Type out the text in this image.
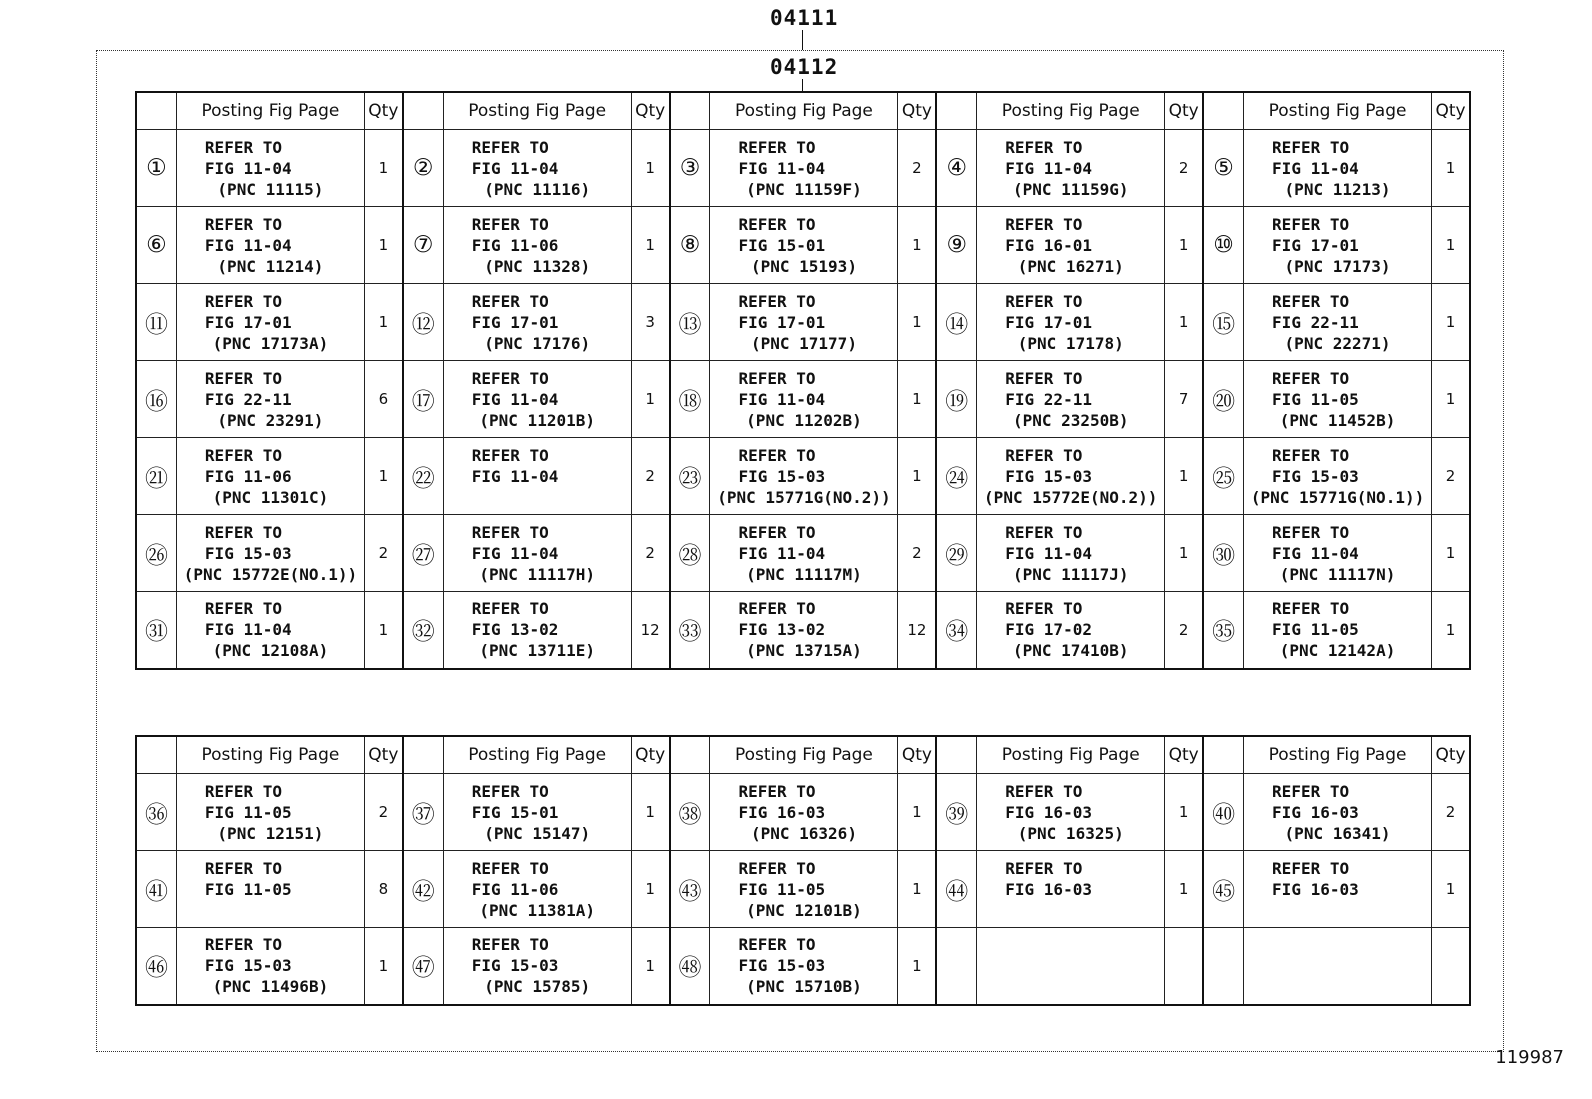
04111
04112
	Posting Fig Page	Qty		Posting Fig Page	Qty		Posting Fig Page	Qty		Posting Fig Page	Qty		Posting Fig Page	Qty
①	REFER TO
FIG 11-04
(PNC 11115)	1	②	REFER TO
FIG 11-04
(PNC 11116)	1	③	REFER TO
FIG 11-04
(PNC 11159F)	2	④	REFER TO
FIG 11-04
(PNC 11159G)	2	⑤	REFER TO
FIG 11-04
(PNC 11213)	1
⑥	REFER TO
FIG 11-04
(PNC 11214)	1	⑦	REFER TO
FIG 11-06
(PNC 11328)	1	⑧	REFER TO
FIG 15-01
(PNC 15193)	1	⑨	REFER TO
FIG 16-01
(PNC 16271)	1	⑩	REFER TO
FIG 17-01
(PNC 17173)	1
⑪	REFER TO
FIG 17-01
(PNC 17173A)	1	⑫	REFER TO
FIG 17-01
(PNC 17176)	3	⑬	REFER TO
FIG 17-01
(PNC 17177)	1	⑭	REFER TO
FIG 17-01
(PNC 17178)	1	⑮	REFER TO
FIG 22-11
(PNC 22271)	1
⑯	REFER TO
FIG 22-11
(PNC 23291)	6	⑰	REFER TO
FIG 11-04
(PNC 11201B)	1	⑱	REFER TO
FIG 11-04
(PNC 11202B)	1	⑲	REFER TO
FIG 22-11
(PNC 23250B)	7	⑳	REFER TO
FIG 11-05
(PNC 11452B)	1
㉑	REFER TO
FIG 11-06
(PNC 11301C)	1	㉒	REFER TO
FIG 11-04	2	㉓	REFER TO
FIG 15-03
(PNC 15771G(NO.2))	1	㉔	REFER TO
FIG 15-03
(PNC 15772E(NO.2))	1	㉕	REFER TO
FIG 15-03
(PNC 15771G(NO.1))	2
㉖	REFER TO
FIG 15-03
(PNC 15772E(NO.1))	2	㉗	REFER TO
FIG 11-04
(PNC 11117H)	2	㉘	REFER TO
FIG 11-04
(PNC 11117M)	2	㉙	REFER TO
FIG 11-04
(PNC 11117J)	1	㉚	REFER TO
FIG 11-04
(PNC 11117N)	1
㉛	REFER TO
FIG 11-04
(PNC 12108A)	1	㉜	REFER TO
FIG 13-02
(PNC 13711E)	12	㉝	REFER TO
FIG 13-02
(PNC 13715A)	12	㉞	REFER TO
FIG 17-02
(PNC 17410B)	2	㉟	REFER TO
FIG 11-05
(PNC 12142A)	1
	Posting Fig Page	Qty		Posting Fig Page	Qty		Posting Fig Page	Qty		Posting Fig Page	Qty		Posting Fig Page	Qty
㊱	REFER TO
FIG 11-05
(PNC 12151)	2	㊲	REFER TO
FIG 15-01
(PNC 15147)	1	㊳	REFER TO
FIG 16-03
(PNC 16326)	1	㊴	REFER TO
FIG 16-03
(PNC 16325)	1	㊵	REFER TO
FIG 16-03
(PNC 16341)	2
㊶	REFER TO
FIG 11-05	8	㊷	REFER TO
FIG 11-06
(PNC 11381A)	1	㊸	REFER TO
FIG 11-05
(PNC 12101B)	1	㊹	REFER TO
FIG 16-03	1	㊺	REFER TO
FIG 16-03	1
㊻	REFER TO
FIG 15-03
(PNC 11496B)	1	㊼	REFER TO
FIG 15-03
(PNC 15785)	1	㊽	REFER TO
FIG 15-03
(PNC 15710B)	1		

119987
